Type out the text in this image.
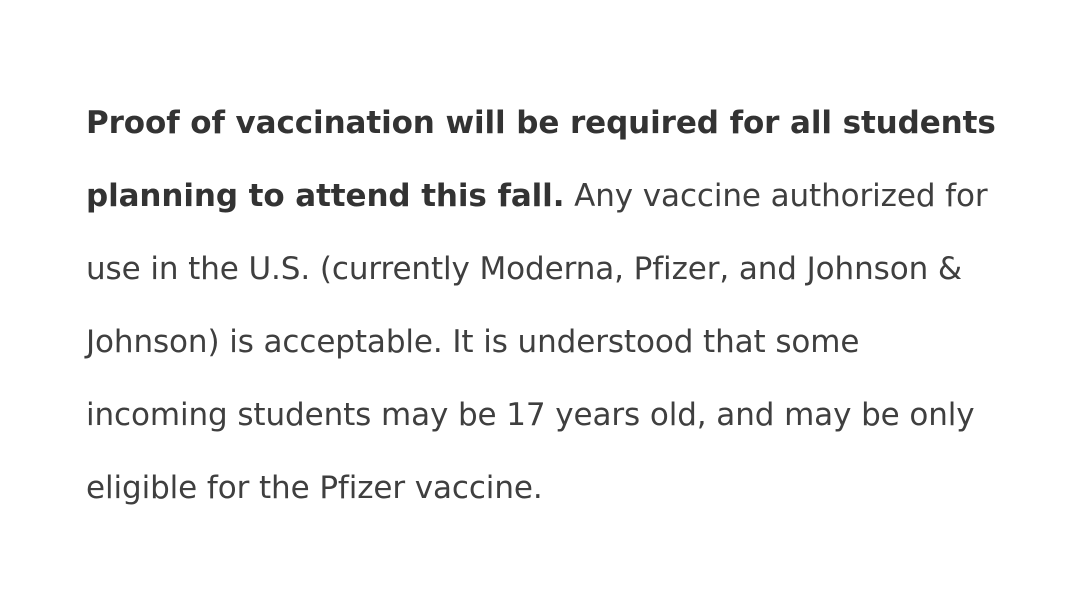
Proof of vaccination will be required for all students planning to attend this fall. Any vaccine authorized for use in the U.S. (currently Moderna, Pfizer, and Johnson & Johnson) is acceptable. It is understood that some incoming students may be 17 years old, and may be only eligible for the Pfizer vaccine.
